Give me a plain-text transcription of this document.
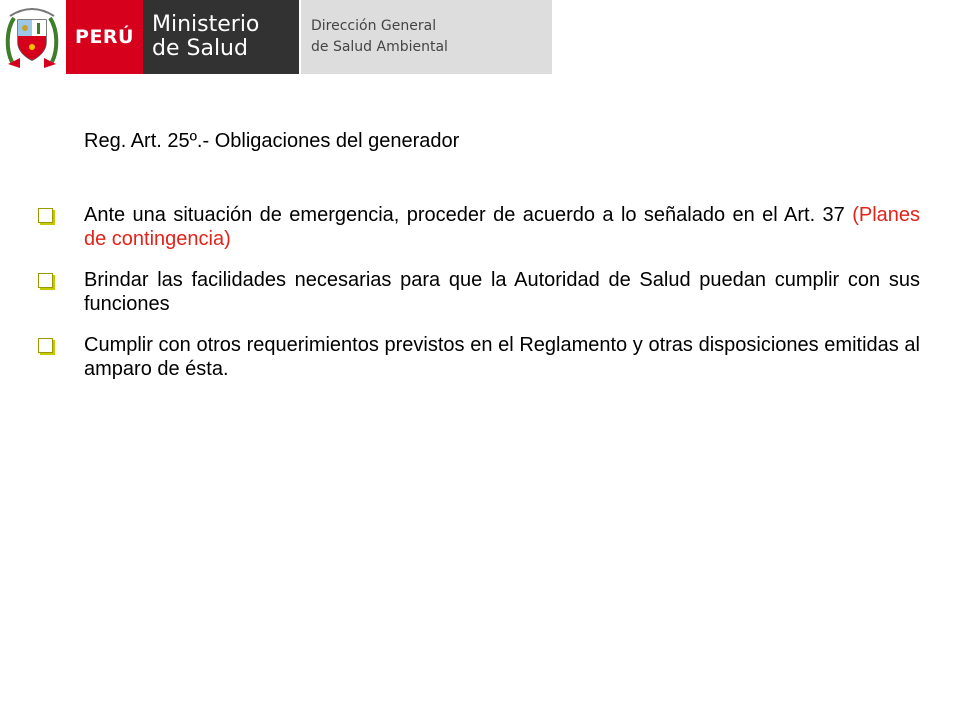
PERÚ Ministerio
de Salud
Dirección General
de Salud Ambiental

Reg. Art. 25º.- Obligaciones del generador

Ante una situación de emergencia, proceder de acuerdo a lo señalado en el Art. 37 (Planes de contingencia)
Brindar las facilidades necesarias para que la Autoridad de Salud puedan cumplir con sus funciones
Cumplir con otros requerimientos previstos en el Reglamento y otras disposiciones emitidas al amparo de ésta.
